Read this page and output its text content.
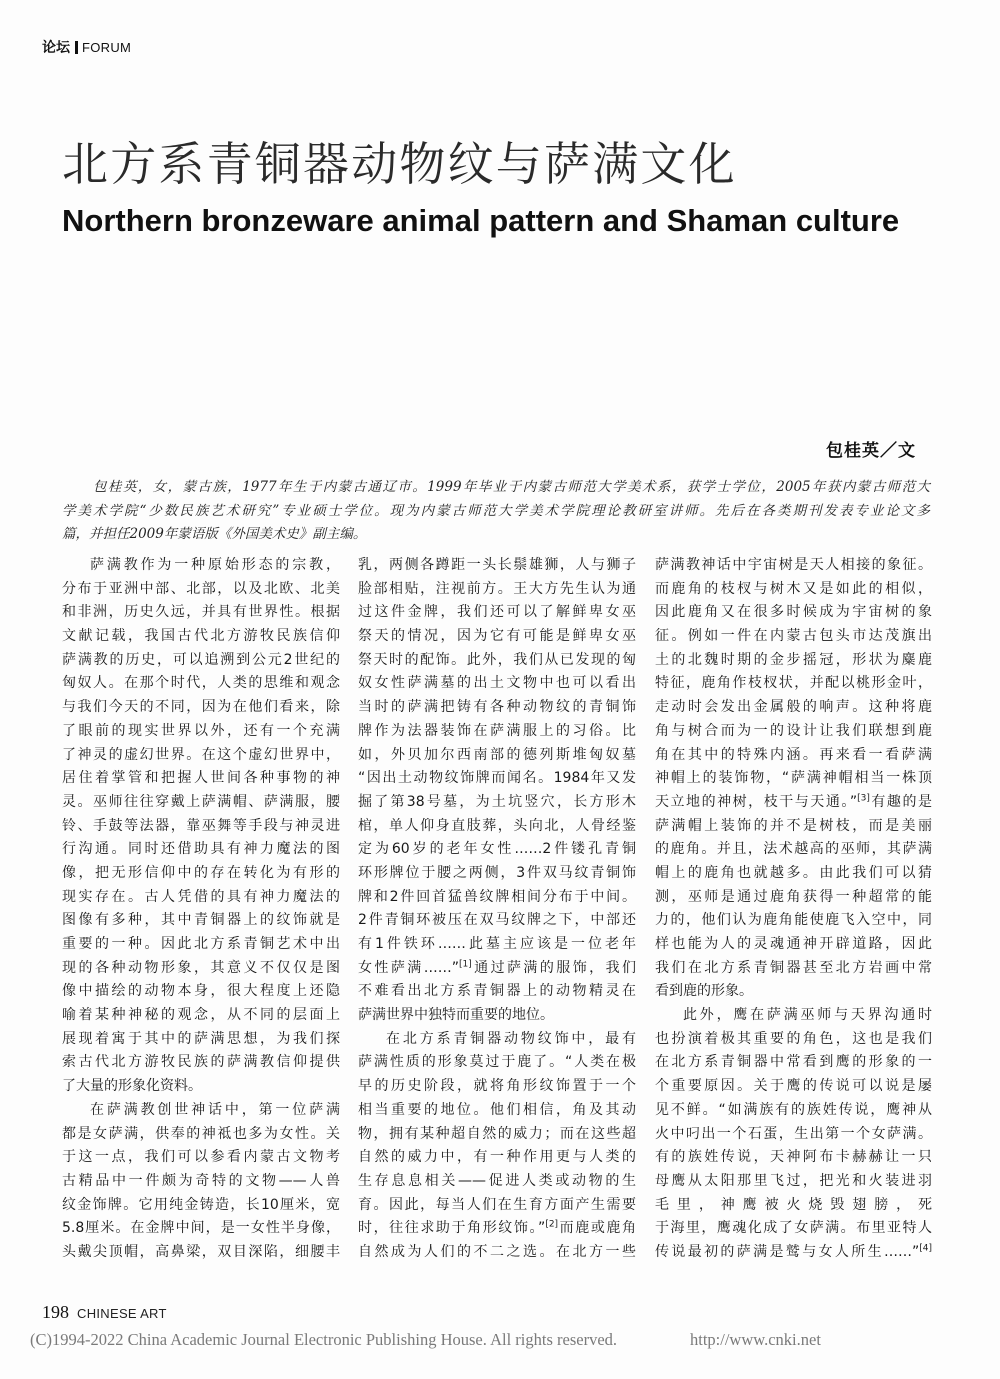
论坛 FORUM
北方系青铜器动物纹与萨满文化
Northern bronzeware animal pattern and Shaman culture
包桂英／文
包桂英，女，蒙古族，1977年生于内蒙古通辽市。1999年毕业于内蒙古师范大学美术系，获学士学位，2005年获内蒙古师范大
学美术学院“少数民族艺术研究”专业硕士学位。现为内蒙古师范大学美术学院理论教研室讲师。先后在各类期刊发表专业论文多
篇，并担任2009年蒙语版《外国美术史》副主编。
萨满教作为一种原始形态的宗教，
分布于亚洲中部、北部，以及北欧、北美
和非洲，历史久远，并具有世界性。根据
文献记载，我国古代北方游牧民族信仰
萨满教的历史，可以追溯到公元2世纪的
匈奴人。在那个时代，人类的思维和观念
与我们今天的不同，因为在他们看来，除
了眼前的现实世界以外，还有一个充满
了神灵的虚幻世界。在这个虚幻世界中，
居住着掌管和把握人世间各种事物的神
灵。巫师往往穿戴上萨满帽、萨满服，腰
铃、手鼓等法器，靠巫舞等手段与神灵进
行沟通。同时还借助具有神力魔法的图
像，把无形信仰中的存在转化为有形的
现实存在。古人凭借的具有神力魔法的
图像有多种，其中青铜器上的纹饰就是
重要的一种。因此北方系青铜艺术中出
现的各种动物形象，其意义不仅仅是图
像中描绘的动物本身，很大程度上还隐
喻着某种神秘的观念，从不同的层面上
展现着寓于其中的萨满思想，为我们探
索古代北方游牧民族的萨满教信仰提供
了大量的形象化资料。
在萨满教创世神话中，第一位萨满
都是女萨满，供奉的神祗也多为女性。关
于这一点，我们可以参看内蒙古文物考
古精品中一件颇为奇特的文物——人兽
纹金饰牌。它用纯金铸造，长10厘米，宽
5.8厘米。在金牌中间，是一女性半身像，
头戴尖顶帽，高鼻梁，双目深陷，细腰丰
乳，两侧各蹲距一头长鬃雄狮，人与狮子
脸部相贴，注视前方。王大方先生认为通
过这件金牌，我们还可以了解鲜卑女巫
祭天的情况，因为它有可能是鲜卑女巫
祭天时的配饰。此外，我们从已发现的匈
奴女性萨满墓的出土文物中也可以看出
当时的萨满把铸有各种动物纹的青铜饰
牌作为法器装饰在萨满服上的习俗。比
如，外贝加尔西南部的德列斯堆匈奴墓
“因出土动物纹饰牌而闻名。1984年又发
掘了第38号墓，为土坑竖穴，长方形木
棺，单人仰身直肢葬，头向北，人骨经鉴
定为60岁的老年女性……2件镂孔青铜
环形牌位于腰之两侧，3件双马纹青铜饰
牌和2件回首猛兽纹牌相间分布于中间。
2件青铜环被压在双马纹牌之下，中部还
有1件铁环……此墓主应该是一位老年
女性萨满……”[1]通过萨满的服饰，我们
不难看出北方系青铜器上的动物精灵在
萨满世界中独特而重要的地位。
在北方系青铜器动物纹饰中，最有
萨满性质的形象莫过于鹿了。“人类在极
早的历史阶段，就将角形纹饰置于一个
相当重要的地位。他们相信，角及其动
物，拥有某种超自然的威力；而在这些超
自然的威力中，有一种作用更与人类的
生存息息相关——促进人类或动物的生
育。因此，每当人们在生育方面产生需要
时，往往求助于角形纹饰。”[2]而鹿或鹿角
自然成为人们的不二之选。在北方一些
萨满教神话中宇宙树是天人相接的象征。
而鹿角的枝杈与树木又是如此的相似，
因此鹿角又在很多时候成为宇宙树的象
征。例如一件在内蒙古包头市达茂旗出
土的北魏时期的金步摇冠，形状为麋鹿
特征，鹿角作枝杈状，并配以桃形金叶，
走动时会发出金属般的响声。这种将鹿
角与树合而为一的设计让我们联想到鹿
角在其中的特殊内涵。再来看一看萨满
神帽上的装饰物，“萨满神帽相当一株顶
天立地的神树，枝干与天通。”[3]有趣的是
萨满帽上装饰的并不是树枝，而是美丽
的鹿角。并且，法术越高的巫师，其萨满
帽上的鹿角也就越多。由此我们可以猜
测，巫师是通过鹿角获得一种超常的能
力的，他们认为鹿角能使鹿飞入空中，同
样也能为人的灵魂通神开辟道路，因此
我们在北方系青铜器甚至北方岩画中常
看到鹿的形象。
此外，鹰在萨满巫师与天界沟通时
也扮演着极其重要的角色，这也是我们
在北方系青铜器中常看到鹰的形象的一
个重要原因。关于鹰的传说可以说是屡
见不鲜。“如满族有的族姓传说，鹰神从
火中叼出一个石蛋，生出第一个女萨满。
有的族姓传说，天神阿布卡赫赫让一只
母鹰从太阳那里飞过，把光和火装进羽
毛里，神鹰被火烧毁翅膀，死
于海里，鹰魂化成了女萨满。布里亚特人
传说最初的萨满是鹫与女人所生……”[4]
198 CHINESE ART
(C)1994-2022 China Academic Journal Electronic Publishing House. All rights reserved.	http://www.cnki.net
